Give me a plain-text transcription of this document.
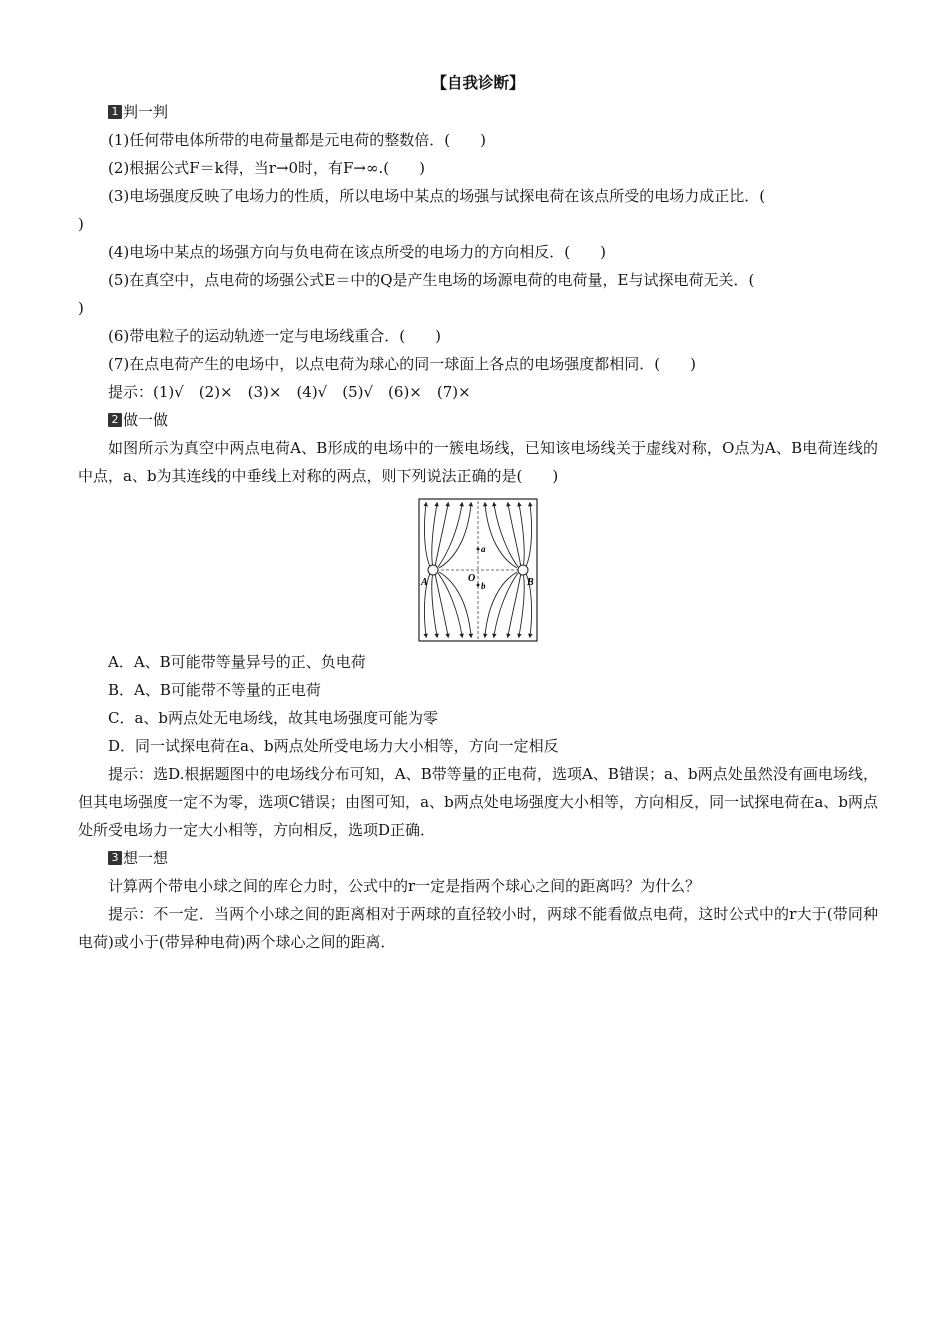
【自我诊断】
1 判一判
(1)任何带电体所带的电荷量都是元电荷的整数倍．(　　)
(2)根据公式F＝k得，当r→0时，有F→∞.(　　)
(3)电场强度反映了电场力的性质，所以电场中某点的场强与试探电荷在该点所受的电场力成正比．(
)
(4)电场中某点的场强方向与负电荷在该点所受的电场力的方向相反．(　　)
(5)在真空中，点电荷的场强公式E＝中的Q是产生电场的场源电荷的电荷量，E与试探电荷无关．(
)
(6)带电粒子的运动轨迹一定与电场线重合．(　　)
(7)在点电荷产生的电场中，以点电荷为球心的同一球面上各点的电场强度都相同．(　　)
提示：(1)√　(2)×　(3)×　(4)√　(5)√　(6)×　(7)×
2 做一做
如图所示为真空中两点电荷A、B形成的电场中的一簇电场线，已知该电场线关于虚线对称，O点为A、B电荷连线的中点，a、b为其连线的中垂线上对称的两点，则下列说法正确的是(　　)
A	B
O
a
b
A．A、B可能带等量异号的正、负电荷
B．A、B可能带不等量的正电荷
C．a、b两点处无电场线，故其电场强度可能为零
D．同一试探电荷在a、b两点处所受电场力大小相等，方向一定相反
提示：选D.根据题图中的电场线分布可知，A、B带等量的正电荷，选项A、B错误；a、b两点处虽然没有画电场线，但其电场强度一定不为零，选项C错误；由图可知，a、b两点处电场强度大小相等，方向相反，同一试探电荷在a、b两点处所受电场力一定大小相等，方向相反，选项D正确．
3 想一想
计算两个带电小球之间的库仑力时，公式中的r一定是指两个球心之间的距离吗？为什么？
提示：不一定．当两个小球之间的距离相对于两球的直径较小时，两球不能看做点电荷，这时公式中的r大于(带同种电荷)或小于(带异种电荷)两个球心之间的距离．
